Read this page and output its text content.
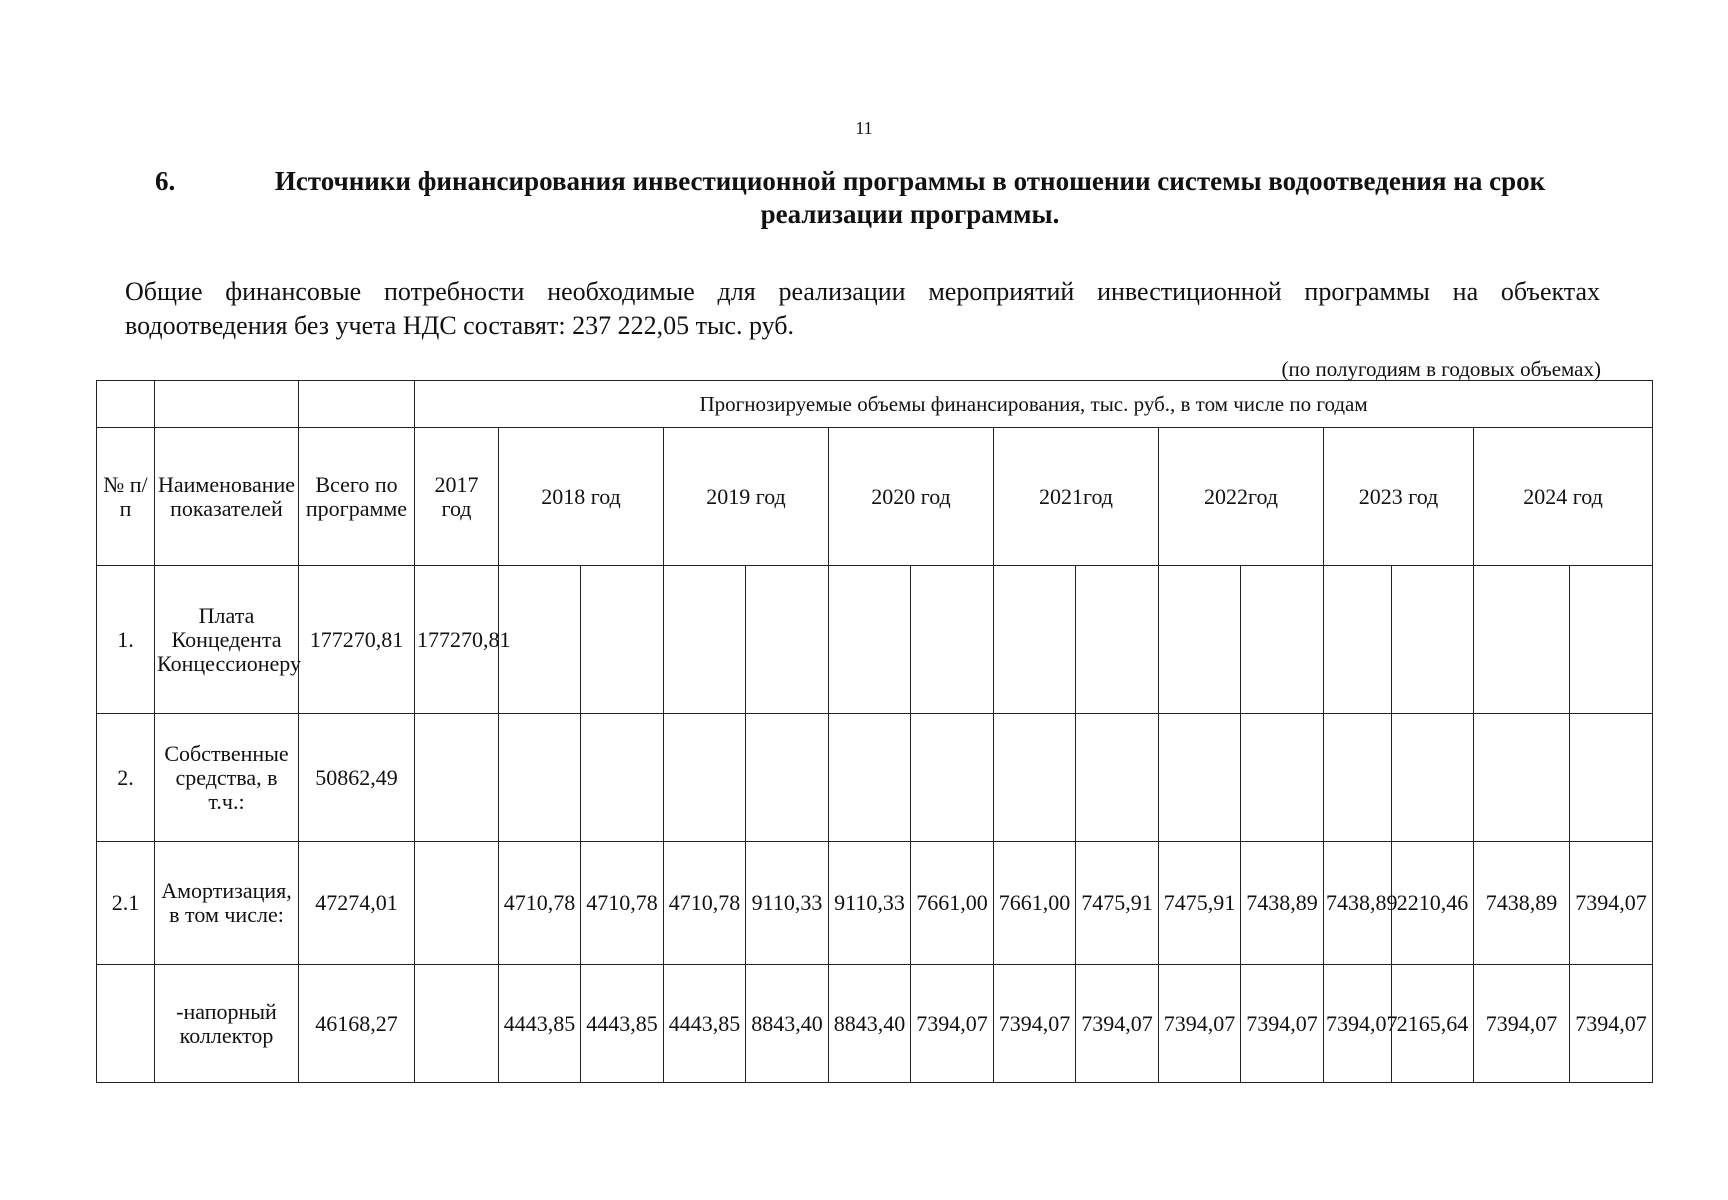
11
6.	Источники финансирования инвестиционной программы в отношении системы водоотведения на срок реализации программы.

Общие финансовые потребности необходимые для реализации мероприятий инвестиционной программы на объектах водоотведения без учета НДС составят: 237 222,05 тыс. руб.

(по полугодиям в годовых объемах)
			Прогнозируемые объемы финансирования, тыс. руб., в том числе по годам														
№ п/п	Наименование показателей	Всего по программе	2017 год	2018 год		2019 год		2020 год		2021год		2022год		2023 год		2024 год	
1.	Плата Концедента Концессионеру	177270,81	177270,81														
2.	Собственные средства, в т.ч.:	50862,49															
2.1	Амортизация, в том числе:	47274,01		4710,78	4710,78	4710,78	9110,33	9110,33	7661,00	7661,00	7475,91	7475,91	7438,89	7438,89	2210,46	7438,89	7394,07
	-напорный коллектор	46168,27		4443,85	4443,85	4443,85	8843,40	8843,40	7394,07	7394,07	7394,07	7394,07	7394,07	7394,07	2165,64	7394,07	7394,07
